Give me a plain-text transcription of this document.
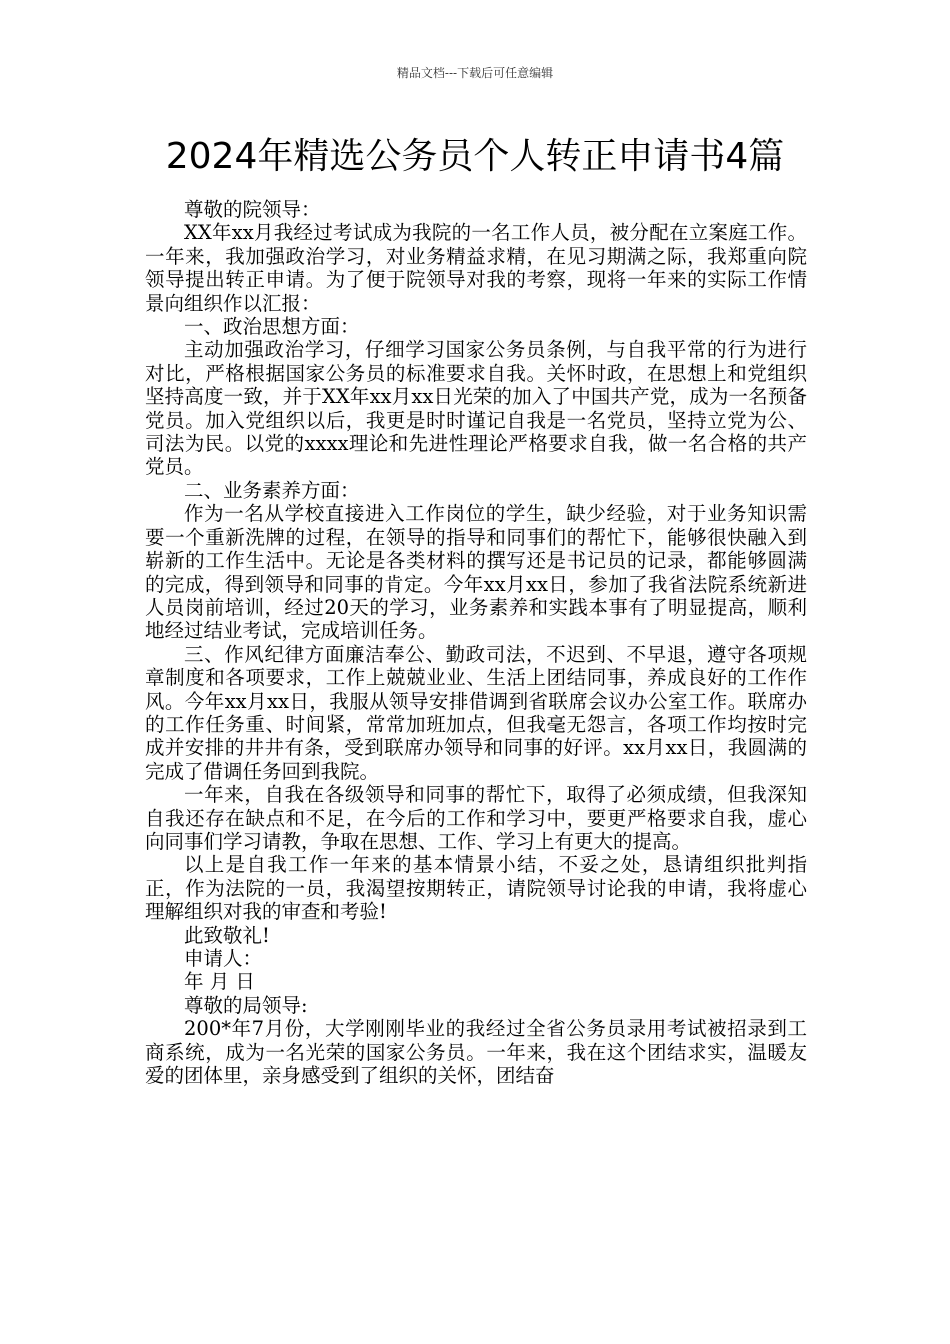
精品文档---下载后可任意编辑
2024年精选公务员个人转正申请书4篇

尊敬的院领导：

XX年xx月我经过考试成为我院的一名工作人员，被分配在立案庭工作。一年来，我加强政治学习，对业务精益求精，在见习期满之际，我郑重向院领导提出转正申请。为了便于院领导对我的考察，现将一年来的实际工作情景向组织作以汇报：

一、政治思想方面：

主动加强政治学习，仔细学习国家公务员条例，与自我平常的行为进行对比，严格根据国家公务员的标准要求自我。关怀时政，在思想上和党组织坚持高度一致，并于XX年xx月xx日光荣的加入了中国共产党，成为一名预备党员。加入党组织以后，我更是时时谨记自我是一名党员，坚持立党为公、司法为民。以党的xxxx理论和先进性理论严格要求自我，做一名合格的共产党员。

二、业务素养方面：

作为一名从学校直接进入工作岗位的学生，缺少经验，对于业务知识需要一个重新洗牌的过程，在领导的指导和同事们的帮忙下，能够很快融入到崭新的工作生活中。无论是各类材料的撰写还是书记员的记录，都能够圆满的完成，得到领导和同事的肯定。今年xx月xx日，参加了我省法院系统新进人员岗前培训，经过20天的学习，业务素养和实践本事有了明显提高，顺利地经过结业考试，完成培训任务。

三、作风纪律方面廉洁奉公、勤政司法，不迟到、不早退，遵守各项规章制度和各项要求，工作上兢兢业业、生活上团结同事，养成良好的工作作风。今年xx月xx日，我服从领导安排借调到省联席会议办公室工作。联席办的工作任务重、时间紧，常常加班加点，但我毫无怨言，各项工作均按时完成并安排的井井有条，受到联席办领导和同事的好评。xx月xx日，我圆满的完成了借调任务回到我院。

一年来，自我在各级领导和同事的帮忙下，取得了必须成绩，但我深知自我还存在缺点和不足，在今后的工作和学习中，要更严格要求自我，虚心向同事们学习请教，争取在思想、工作、学习上有更大的提高。

以上是自我工作一年来的基本情景小结，不妥之处，恳请组织批判指正，作为法院的一员，我渴望按期转正，请院领导讨论我的申请，我将虚心理解组织对我的审查和考验!

此致敬礼!

申请人：

年 月 日

尊敬的局领导:

200*年7月份，大学刚刚毕业的我经过全省公务员录用考试被招录到工商系统，成为一名光荣的国家公务员。一年来，我在这个团结求实，温暖友爱的团体里，亲身感受到了组织的关怀，团结奋
